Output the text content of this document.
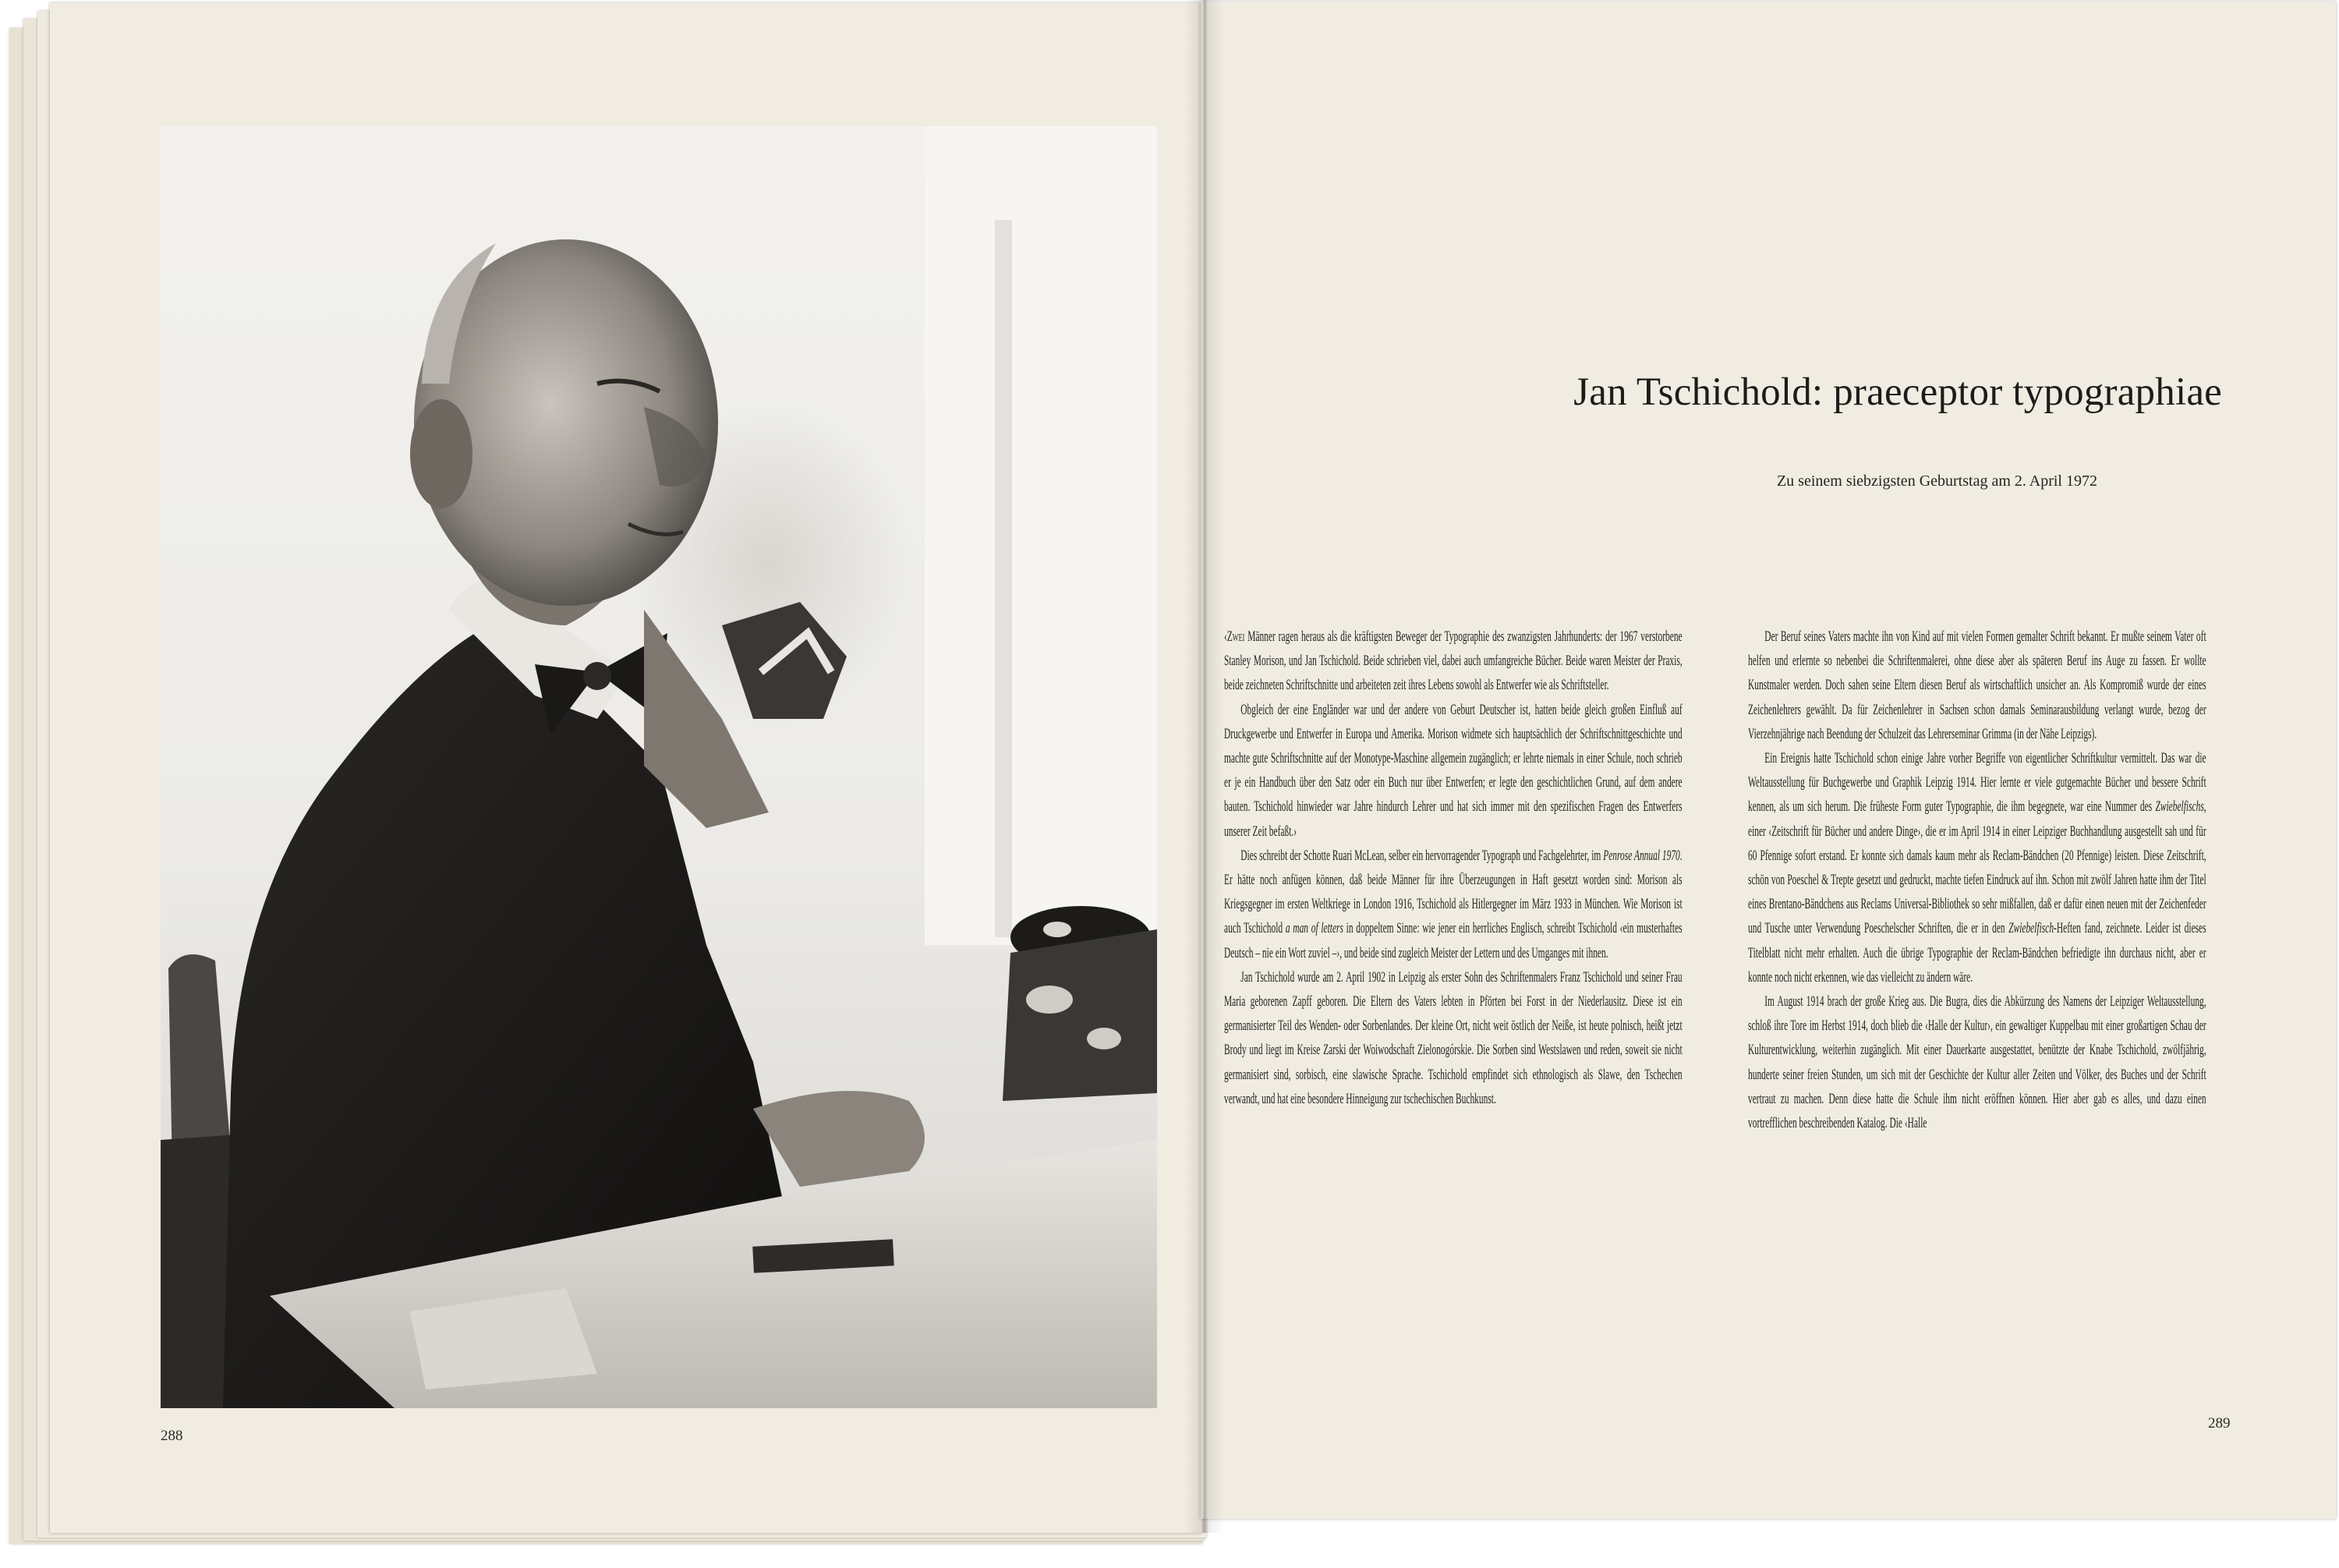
288
289
Jan Tschichold: praeceptor typographiae
Zu seinem siebzigsten Geburtstag am 2. April 1972

‹Zwei Männer ragen heraus als die kräftigsten Beweger der Typographie des zwanzigsten Jahrhunderts: der 1967 verstorbene Stanley Morison, und Jan Tschichold. Beide schrieben viel, dabei auch umfangreiche Bücher. Beide waren Meister der Praxis, beide zeichneten Schriftschnitte und arbeiteten zeit ihres Lebens sowohl als Entwerfer wie als Schriftsteller.

Obgleich der eine Engländer war und der andere von Geburt Deutscher ist, hatten beide gleich großen Einfluß auf Druckgewerbe und Entwerfer in Europa und Amerika. Morison widmete sich hauptsächlich der Schriftschnittgeschichte und machte gute Schriftschnitte auf der Monotype-Maschine allgemein zugänglich; er lehrte niemals in einer Schule, noch schrieb er je ein Handbuch über den Satz oder ein Buch nur über Entwerfen; er legte den geschichtlichen Grund, auf dem andere bauten. Tschichold hinwieder war Jahre hindurch Lehrer und hat sich immer mit den spezifischen Fragen des Entwerfers unserer Zeit befaßt.›

Dies schreibt der Schotte Ruari McLean, selber ein hervorragender Typograph und Fachgelehrter, im Penrose Annual 1970. Er hätte noch anfügen können, daß beide Männer für ihre Überzeugungen in Haft gesetzt worden sind: Morison als Kriegsgegner im ersten Weltkriege in London 1916, Tschichold als Hitlergegner im März 1933 in München. Wie Morison ist auch Tschichold a man of letters in doppeltem Sinne: wie jener ein herrliches Englisch, schreibt Tschichold ‹ein musterhaftes Deutsch – nie ein Wort zuviel –›, und beide sind zugleich Meister der Lettern und des Umganges mit ihnen.

Jan Tschichold wurde am 2. April 1902 in Leipzig als erster Sohn des Schriftenmalers Franz Tschichold und seiner Frau Maria geborenen Zapff geboren. Die Eltern des Vaters lebten in Pförten bei Forst in der Niederlausitz. Diese ist ein germanisierter Teil des Wenden- oder Sorbenlandes. Der kleine Ort, nicht weit östlich der Neiße, ist heute polnisch, heißt jetzt Brody und liegt im Kreise Zarski der Woiwodschaft Zielonogórskie. Die Sorben sind Westslawen und reden, soweit sie nicht germanisiert sind, sorbisch, eine slawische Sprache. Tschichold empfindet sich ethnologisch als Slawe, den Tschechen verwandt, und hat eine besondere Hinneigung zur tschechischen Buchkunst.

Der Beruf seines Vaters machte ihn von Kind auf mit vielen Formen gemalter Schrift bekannt. Er mußte seinem Vater oft helfen und erlernte so nebenbei die Schriftenmalerei, ohne diese aber als späteren Beruf ins Auge zu fassen. Er wollte Kunstmaler werden. Doch sahen seine Eltern diesen Beruf als wirtschaftlich unsicher an. Als Kompromiß wurde der eines Zeichenlehrers gewählt. Da für Zeichenlehrer in Sachsen schon damals Seminarausbildung verlangt wurde, bezog der Vierzehnjährige nach Beendung der Schulzeit das Lehrerseminar Grimma (in der Nähe Leipzigs).

Ein Ereignis hatte Tschichold schon einige Jahre vorher Begriffe von eigentlicher Schriftkultur vermittelt. Das war die Weltausstellung für Buchgewerbe und Graphik Leipzig 1914. Hier lernte er viele gutgemachte Bücher und bessere Schrift kennen, als um sich herum. Die früheste Form guter Typographie, die ihm begegnete, war eine Nummer des Zwiebelfischs, einer ‹Zeitschrift für Bücher und andere Dinge›, die er im April 1914 in einer Leipziger Buchhandlung ausgestellt sah und für 60 Pfennige sofort erstand. Er konnte sich damals kaum mehr als Reclam-Bändchen (20 Pfennige) leisten. Diese Zeitschrift, schön von Poeschel & Trepte gesetzt und gedruckt, machte tiefen Eindruck auf ihn. Schon mit zwölf Jahren hatte ihm der Titel eines Brentano-Bändchens aus Reclams Universal-Bibliothek so sehr mißfallen, daß er dafür einen neuen mit der Zeichenfeder und Tusche unter Verwendung Poeschelscher Schriften, die er in den Zwiebelfisch-Heften fand, zeichnete. Leider ist dieses Titelblatt nicht mehr erhalten. Auch die übrige Typographie der Reclam-Bändchen befriedigte ihn durchaus nicht, aber er konnte noch nicht erkennen, wie das vielleicht zu ändern wäre.

Im August 1914 brach der große Krieg aus. Die Bugra, dies die Abkürzung des Namens der Leipziger Weltausstellung, schloß ihre Tore im Herbst 1914, doch blieb die ‹Halle der Kultur›, ein gewaltiger Kuppelbau mit einer großartigen Schau der Kulturentwicklung, weiterhin zugänglich. Mit einer Dauerkarte ausgestattet, benützte der Knabe Tschichold, zwölfjährig, hunderte seiner freien Stunden, um sich mit der Geschichte der Kultur aller Zeiten und Völker, des Buches und der Schrift vertraut zu machen. Denn diese hatte die Schule ihm nicht eröffnen können. Hier aber gab es alles, und dazu einen vortrefflichen beschreibenden Katalog. Die ‹Halle
